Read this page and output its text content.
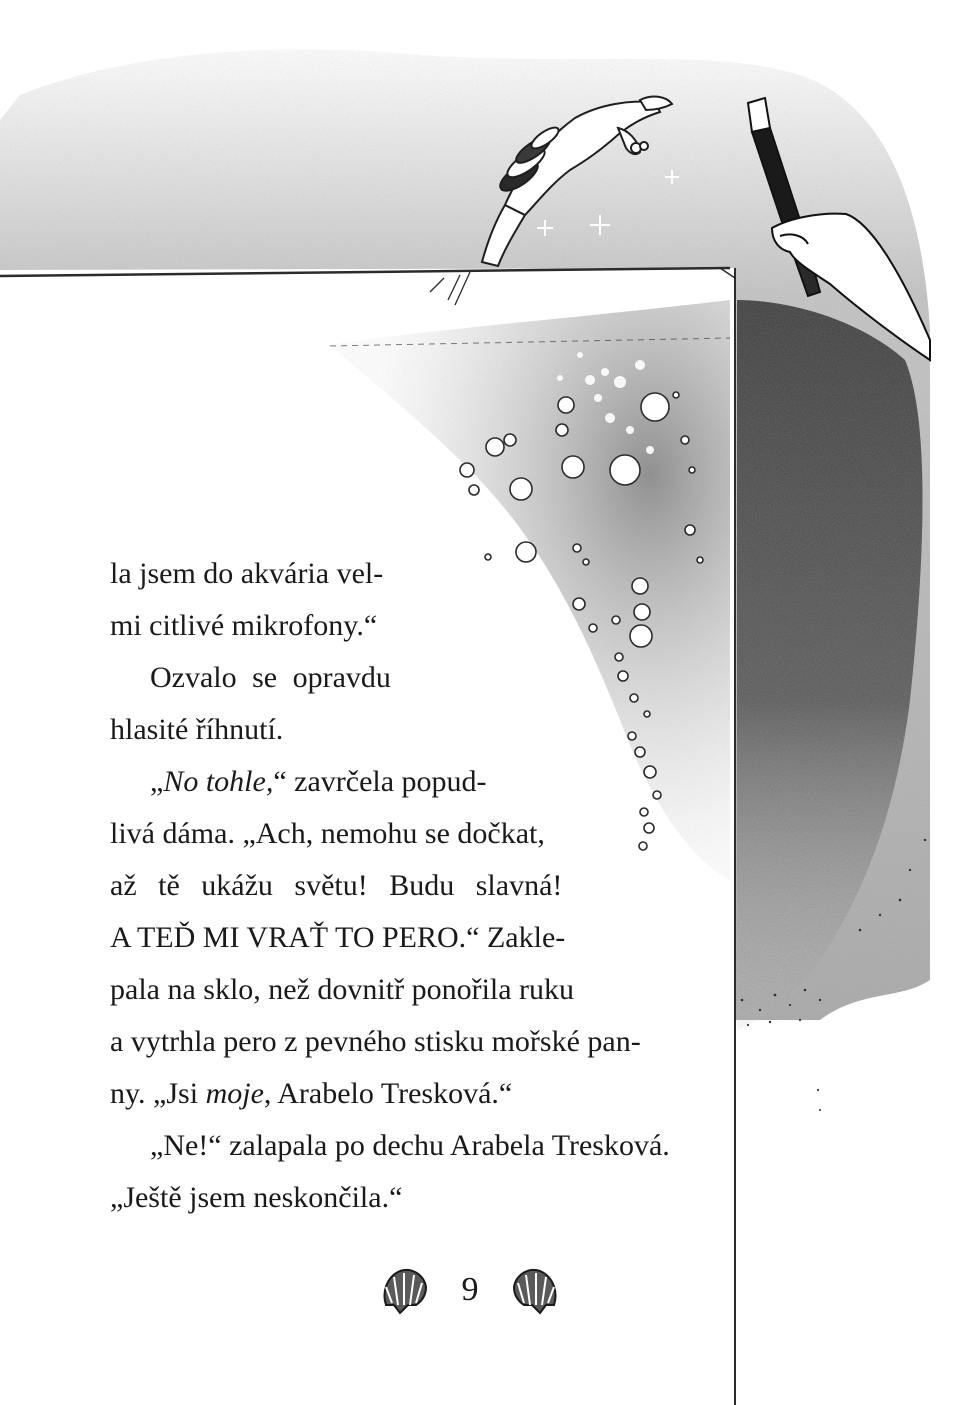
la jsem do akvária vel-
mi citlivé mikrofony.“
Ozvalo se opravdu
hlasité říhnutí.
„No tohle,“ zavrčela popud-
livá dáma. „Ach, nemohu se dočkat,
až tě ukážu světu! Budu slavná!
A TEĎ MI VRAŤ TO PERO.“ Zakle-
pala na sklo, než dovnitř ponořila ruku
a vytrhla pero z pevného stisku mořské pan-
ny. „Jsi moje, Arabelo Tresková.“
„Ne!“ zalapala po dechu Arabela Tresková.
„Ještě jsem neskončila.“
9
